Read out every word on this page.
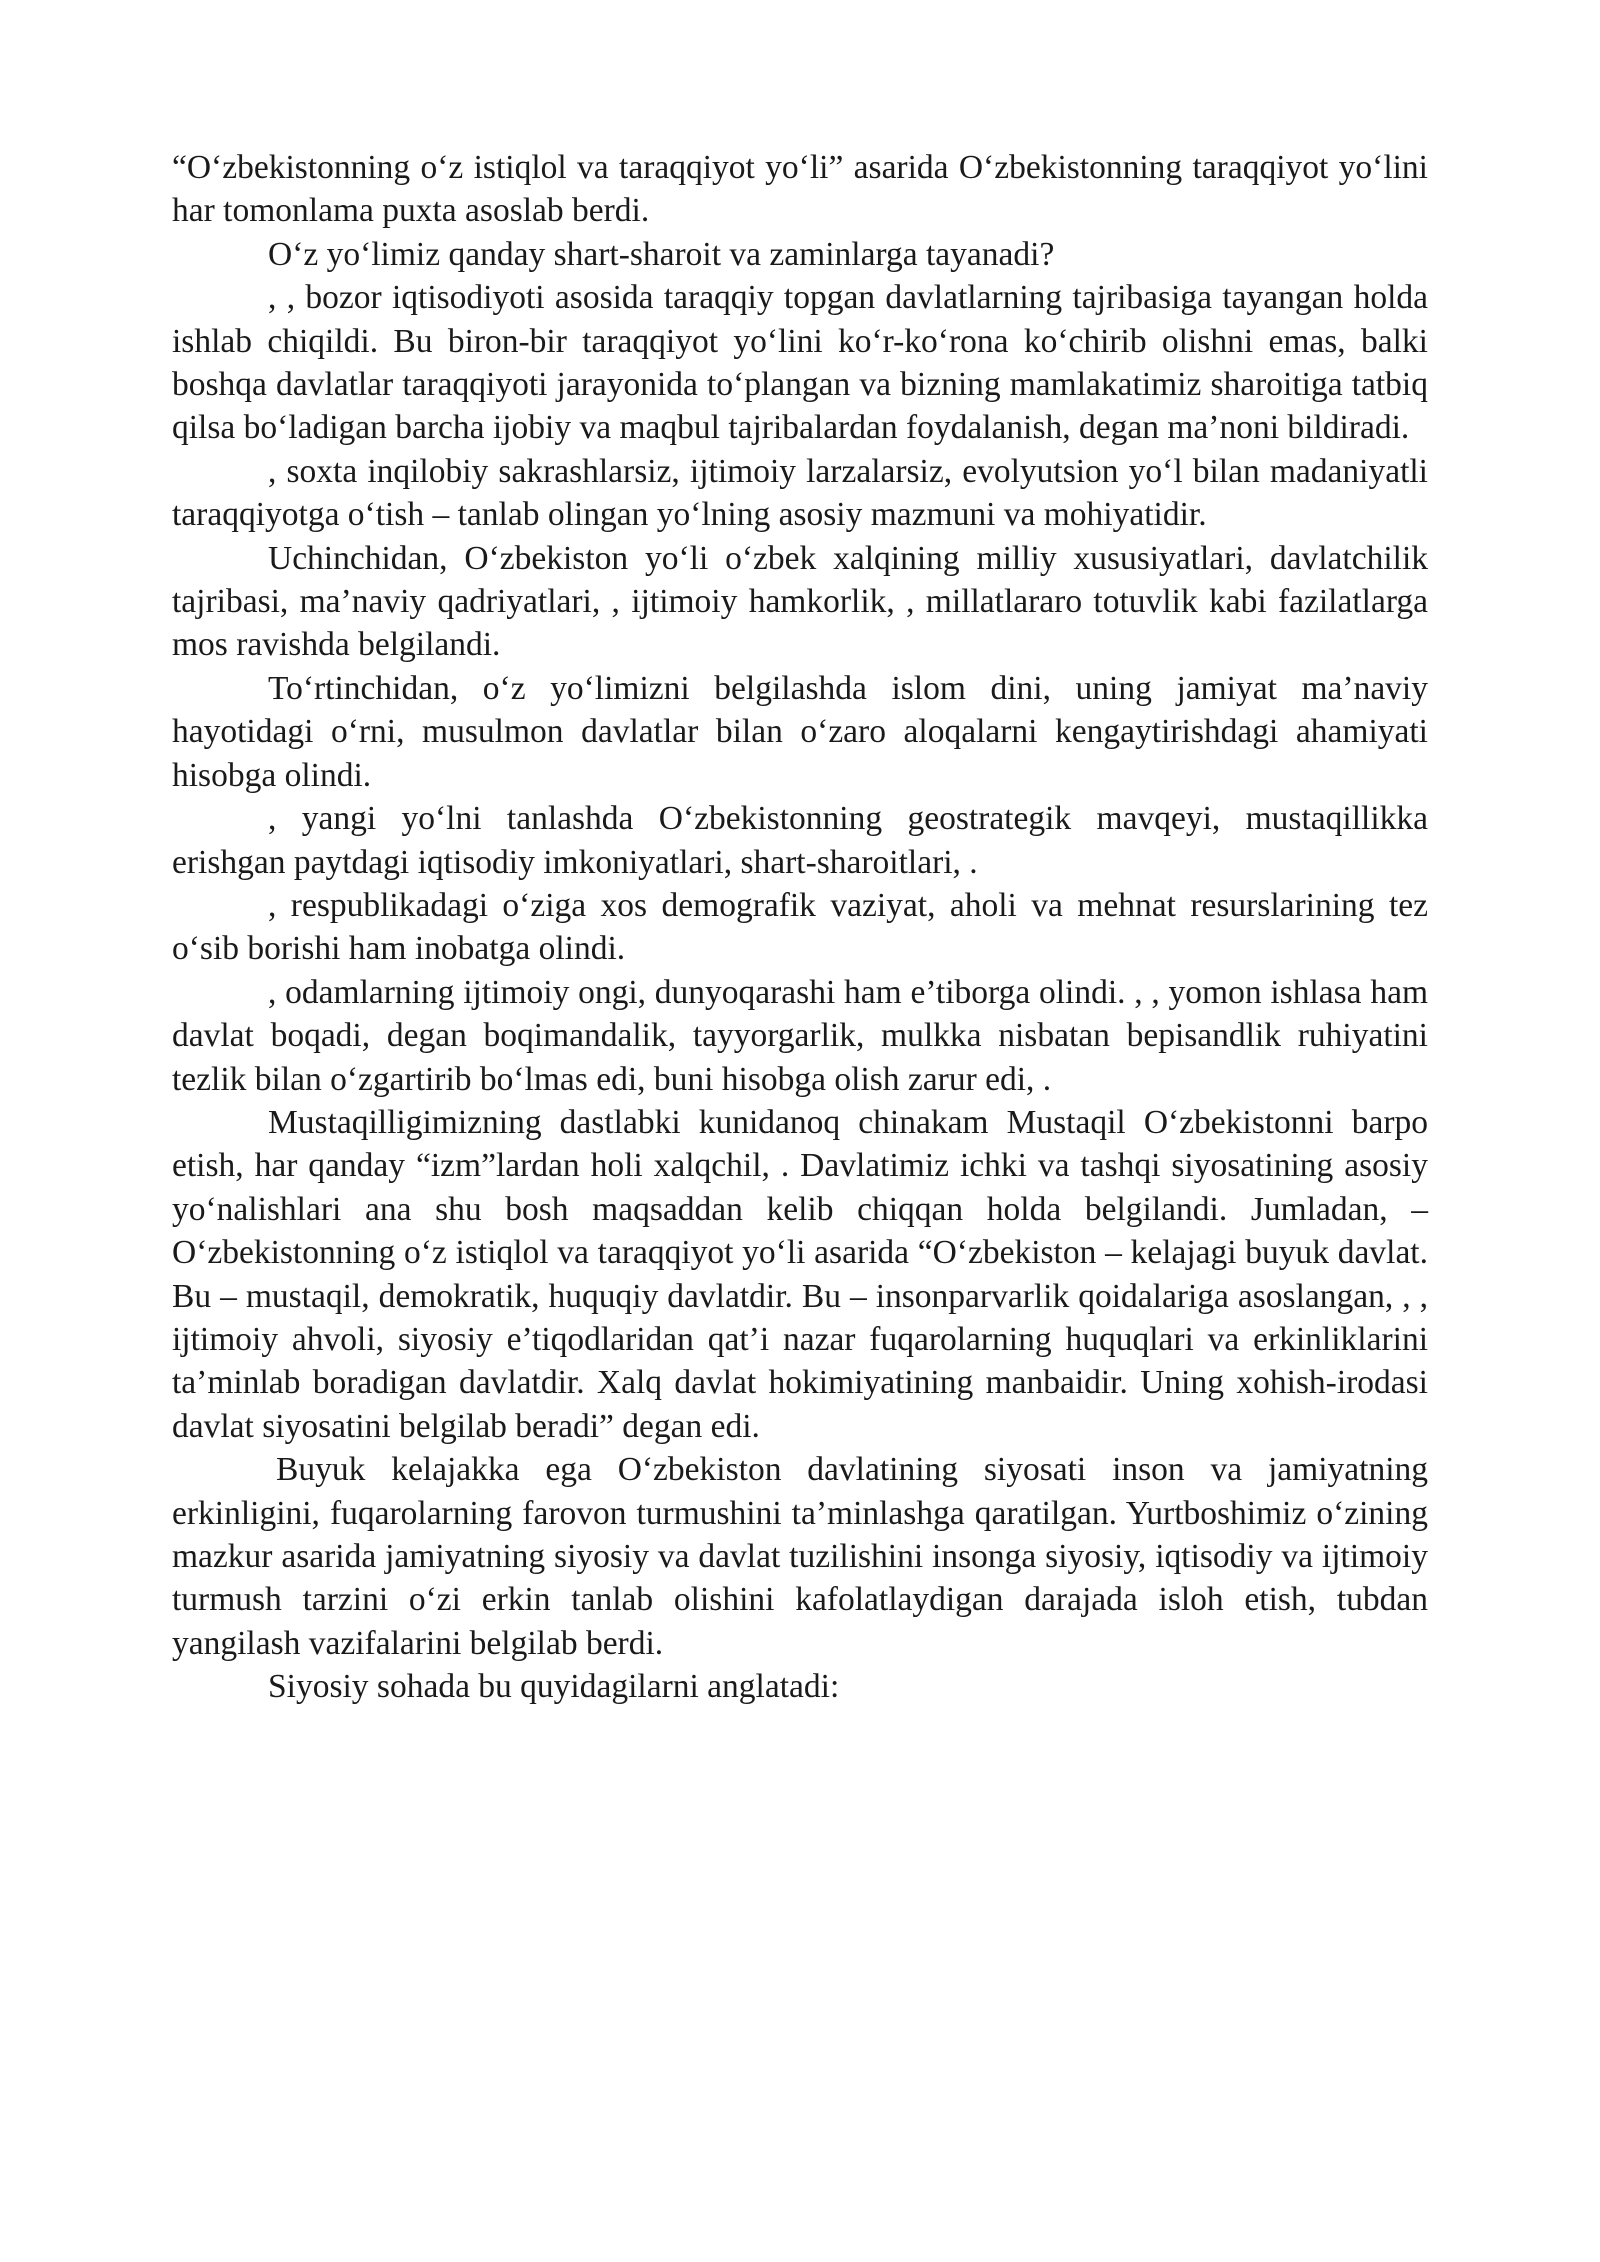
“O‘zbekistonning o‘z istiqlol va taraqqiyot yo‘li” asarida O‘zbekistonning taraqqiyot yo‘lini har tomonlama puxta asoslab berdi.

O‘z yo‘limiz qanday shart-sharoit va zaminlarga tayanadi?

, , bozor iqtisodiyoti asosida taraqqiy topgan davlatlarning tajribasiga tayangan holda ishlab chiqildi. Bu biron-bir taraqqiyot yo‘lini ko‘r-ko‘rona ko‘chirib olishni emas, balki boshqa davlatlar taraqqiyoti jarayonida to‘plangan va bizning mamlakatimiz sharoitiga tatbiq qilsa bo‘ladigan barcha ijobiy va maqbul tajribalardan foydalanish, degan ma’noni bildiradi.

, soxta inqilobiy sakrashlarsiz, ijtimoiy larzalarsiz, evolyutsion yo‘l bilan madaniyatli taraqqiyotga o‘tish – tanlab olingan yo‘lning asosiy mazmuni va mohiyatidir.

Uchinchidan, O‘zbekiston yo‘li o‘zbek xalqining milliy xususiyatlari, davlatchilik tajribasi, ma’naviy qadriyatlari, , ijtimoiy hamkorlik, , millatlararo totuvlik kabi fazilatlarga mos ravishda belgilandi.

To‘rtinchidan, o‘z yo‘limizni belgilashda islom dini, uning jamiyat ma’naviy hayotidagi o‘rni, musulmon davlatlar bilan o‘zaro aloqalarni kengaytirishdagi ahamiyati hisobga olindi.

, yangi yo‘lni tanlashda O‘zbekistonning geostrategik mavqeyi, mustaqillikka erishgan paytdagi iqtisodiy imkoniyatlari, shart-sharoitlari, .

, respublikadagi o‘ziga xos demografik vaziyat, aholi va mehnat resurslarining tez o‘sib borishi ham inobatga olindi.

, odamlarning ijtimoiy ongi, dunyoqarashi ham e’tiborga olindi. , , yomon ishlasa ham davlat boqadi, degan boqimandalik, tayyorgarlik, mulkka nisbatan bepisandlik ruhiyatini tezlik bilan o‘zgartirib bo‘lmas edi, buni hisobga olish zarur edi, .

Mustaqilligimizning dastlabki kunidanoq chinakam Mustaqil O‘zbekistonni barpo etish, har qanday “izm”lardan holi xalqchil, . Davlatimiz ichki va tashqi siyosatining asosiy yo‘nalishlari ana shu bosh maqsaddan kelib chiqqan holda belgilandi. Jumladan, – O‘zbekistonning o‘z istiqlol va taraqqiyot yo‘li asarida “O‘zbekiston – kelajagi buyuk davlat. Bu – mustaqil, demokratik, huquqiy davlatdir. Bu – insonparvarlik qoidalariga asoslangan, , , ijtimoiy ahvoli, siyosiy e’tiqodlaridan qat’i nazar fuqarolarning huquqlari va erkinliklarini ta’minlab boradigan davlatdir. Xalq davlat hokimiyatining manbaidir. Uning xohish-irodasi davlat siyosatini belgilab beradi” degan edi.

Buyuk kelajakka ega O‘zbekiston davlatining siyosati inson va jamiyatning erkinligini, fuqarolarning farovon turmushini ta’minlashga qaratilgan. Yurtboshimiz o‘zining mazkur asarida jamiyatning siyosiy va davlat tuzilishini insonga siyosiy, iqtisodiy va ijtimoiy turmush tarzini o‘zi erkin tanlab olishini kafolatlaydigan darajada isloh etish, tubdan yangilash vazifalarini belgilab berdi.

Siyosiy sohada bu quyidagilarni anglatadi:
